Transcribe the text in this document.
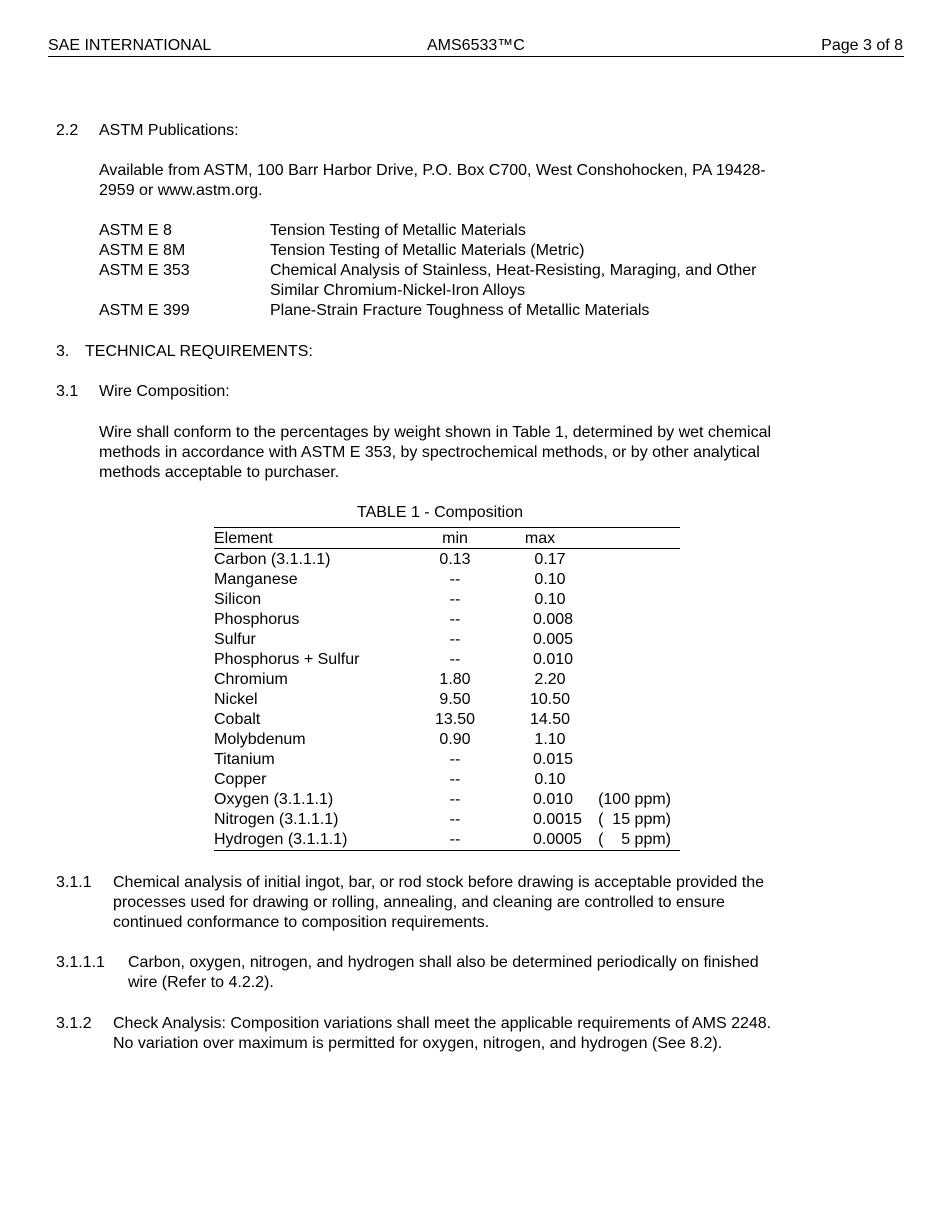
SAE INTERNATIONAL	AMS6533™C	Page 3 of 8
2.2 ASTM Publications:
Available from ASTM, 100 Barr Harbor Drive, P.O. Box C700, West Conshohocken, PA 19428-
2959 or www.astm.org.
ASTM E 8	Tension Testing of Metallic Materials
ASTM E 8M	Tension Testing of Metallic Materials (Metric)
ASTM E 353	Chemical Analysis of Stainless, Heat-Resisting, Maraging, and Other
Similar Chromium-Nickel-Iron Alloys
ASTM E 399	Plane-Strain Fracture Toughness of Metallic Materials
3. TECHNICAL REQUIREMENTS:
3.1 Wire Composition:
Wire shall conform to the percentages by weight shown in Table 1, determined by wet chemical
methods in accordance with ASTM E 353, by spectrochemical methods, or by other analytical
methods acceptable to purchaser.
TABLE 1 - Composition
Element	min	max
Carbon (3.1.1.1)	0.13	0.17
Manganese	--	0.10
Silicon	--	0.10
Phosphorus	--	0.008
Sulfur	--	0.005
Phosphorus + Sulfur	--	0.010
Chromium	1.80	2.20
Nickel	9.50	10.50
Cobalt	13.50	14.50
Molybdenum	0.90	1.10
Titanium	--	0.015
Copper	--	0.10
Oxygen (3.1.1.1)	--	0.010	(100 ppm)
Nitrogen (3.1.1.1)	--	0.0015	(  15 ppm)
Hydrogen (3.1.1.1)	--	0.0005	(    5 ppm)
3.1.1 Chemical analysis of initial ingot, bar, or rod stock before drawing is acceptable provided the
processes used for drawing or rolling, annealing, and cleaning are controlled to ensure
continued conformance to composition requirements.
3.1.1.1 Carbon, oxygen, nitrogen, and hydrogen shall also be determined periodically on finished
wire (Refer to 4.2.2).
3.1.2 Check Analysis: Composition variations shall meet the applicable requirements of AMS 2248.
No variation over maximum is permitted for oxygen, nitrogen, and hydrogen (See 8.2).
